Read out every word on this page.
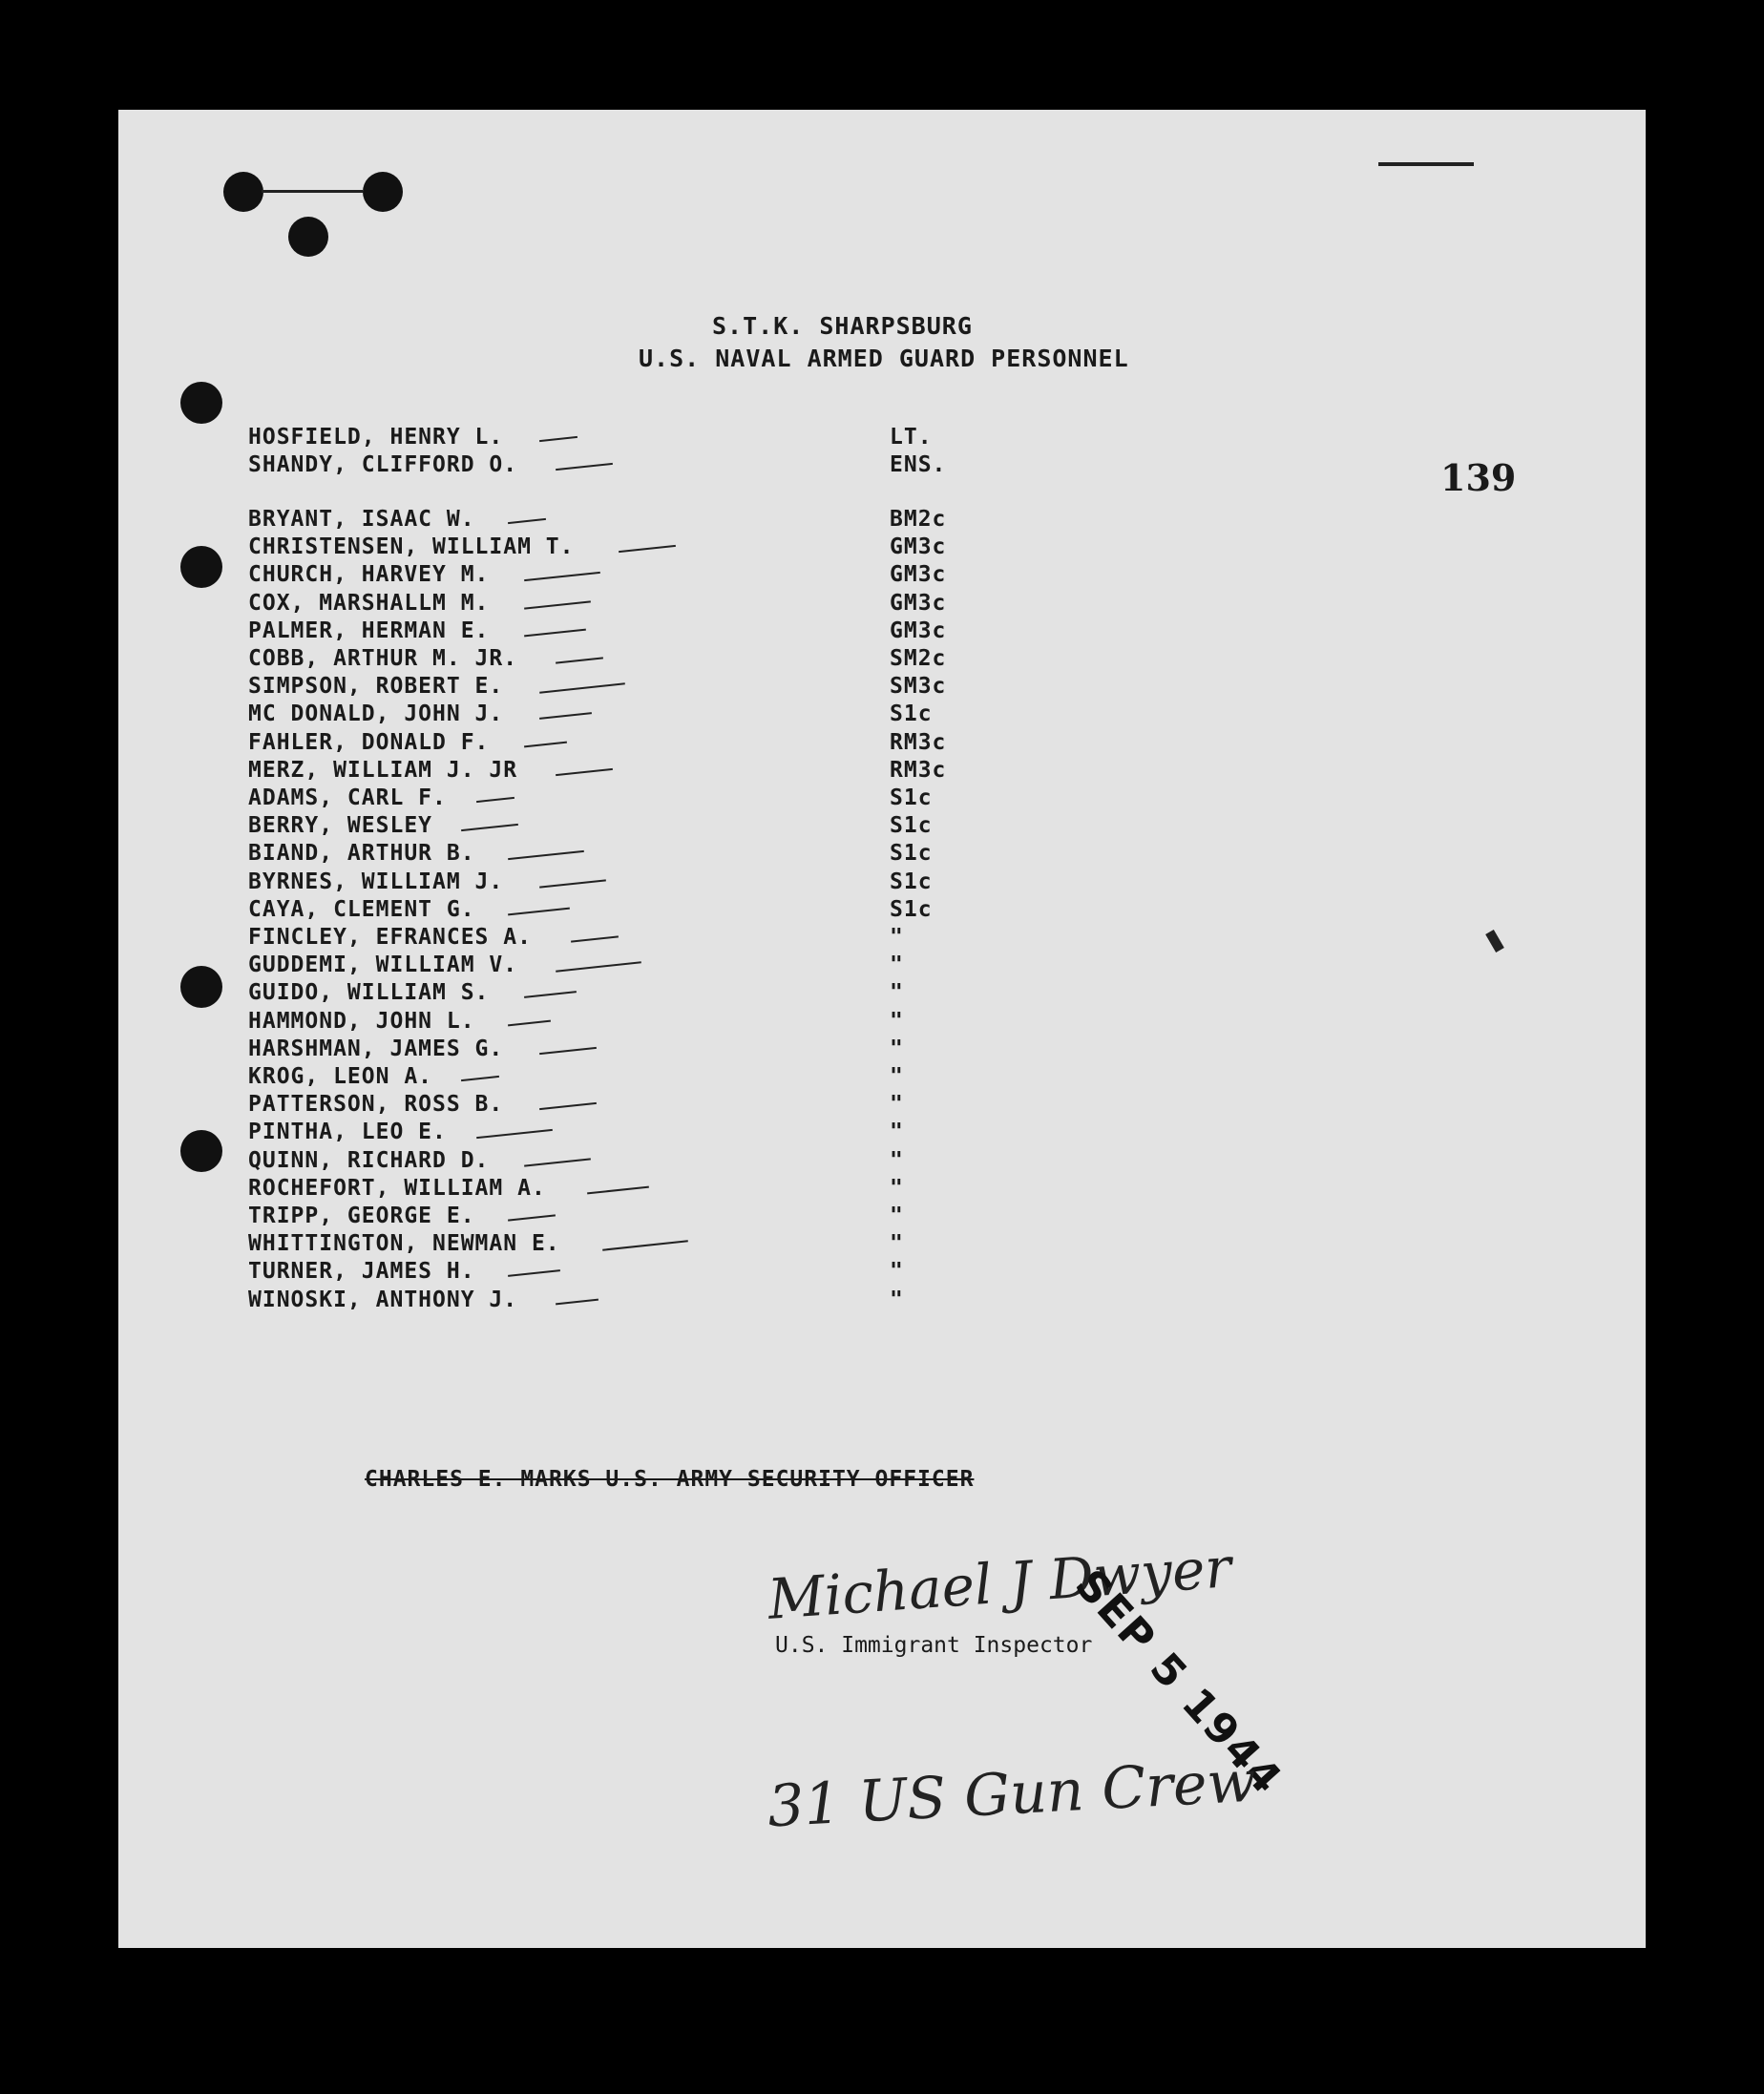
S.T.K. SHARPSBURG
U.S. NAVAL ARMED GUARD PERSONNEL
139
HOSFIELD, HENRY L.	LT.
SHANDY, CLIFFORD O.	ENS.
BRYANT, ISAAC W.	BM2c
CHRISTENSEN, WILLIAM T.	GM3c
CHURCH, HARVEY M.	GM3c
COX, MARSHALLM M.	GM3c
PALMER, HERMAN E.	GM3c
COBB, ARTHUR M. JR.	SM2c
SIMPSON, ROBERT E.	SM3c
MC DONALD, JOHN J.	S1c
FAHLER, DONALD F.	RM3c
MERZ, WILLIAM J. JR	RM3c
ADAMS, CARL F.	S1c
BERRY, WESLEY	S1c
BIAND, ARTHUR B.	S1c
BYRNES, WILLIAM J.	S1c
CAYA, CLEMENT G.	S1c
FINCLEY, EFRANCES A.	"
GUDDEMI, WILLIAM V.	"
GUIDO, WILLIAM S.	"
HAMMOND, JOHN L.	"
HARSHMAN, JAMES G.	"
KROG, LEON A.	"
PATTERSON, ROSS B.	"
PINTHA, LEO E.	"
QUINN, RICHARD D.	"
ROCHEFORT, WILLIAM A.	"
TRIPP, GEORGE E.	"
WHITTINGTON, NEWMAN E.	"
TURNER, JAMES H.	"
WINOSKI, ANTHONY J.	"
CHARLES E. MARKS U.S. ARMY SECURITY OFFICER
Michael J Dwyer
U.S. Immigrant Inspector
SEP 5 1944
31 US Gun Crew
